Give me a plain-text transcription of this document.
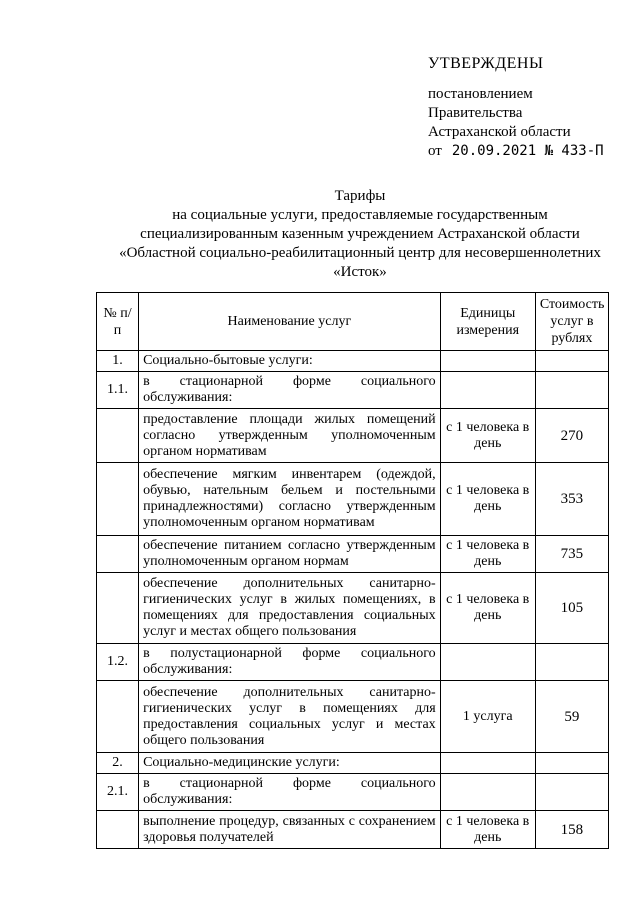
УТВЕРЖДЕНЫ
постановлением
Правительства
Астраханской области
от 20.09.2021 № 433-П
Тарифы
на социальные услуги, предоставляемые государственным
специализированным казенным учреждением Астраханской области
«Областной социально-реабилитационный центр для несовершеннолетних
«Исток»
№ п/п	Наименование услуг	Единицы измерения	Стоимость услуг в рублях
1.	Социально-бытовые услуги:		
1.1.	в стационарной форме социального обслуживания:		
	предоставление площади жилых помещений согласно утвержденным уполномоченным органом нормативам	с 1 человека в день	270
	обеспечение мягким инвентарем (одеждой, обувью, нательным бельем и постельными принадлежностями) согласно утвержденным уполномоченным органом нормативам	с 1 человека в день	353
	обеспечение питанием согласно утвержденным уполномоченным органом нормам	с 1 человека в день	735
	обеспечение дополнительных санитарно-гигиенических услуг в жилых помещениях, в помещениях для предоставления социальных услуг и местах общего пользования	с 1 человека в день	105
1.2.	в полустационарной форме социального обслуживания:		
	обеспечение дополнительных санитарно-гигиенических услуг в помещениях для предоставления социальных услуг и местах общего пользования	1 услуга	59
2.	Социально-медицинские услуги:		
2.1.	в стационарной форме социального обслуживания:		
	выполнение процедур, связанных с сохранением здоровья получателей	с 1 человека в день	158
